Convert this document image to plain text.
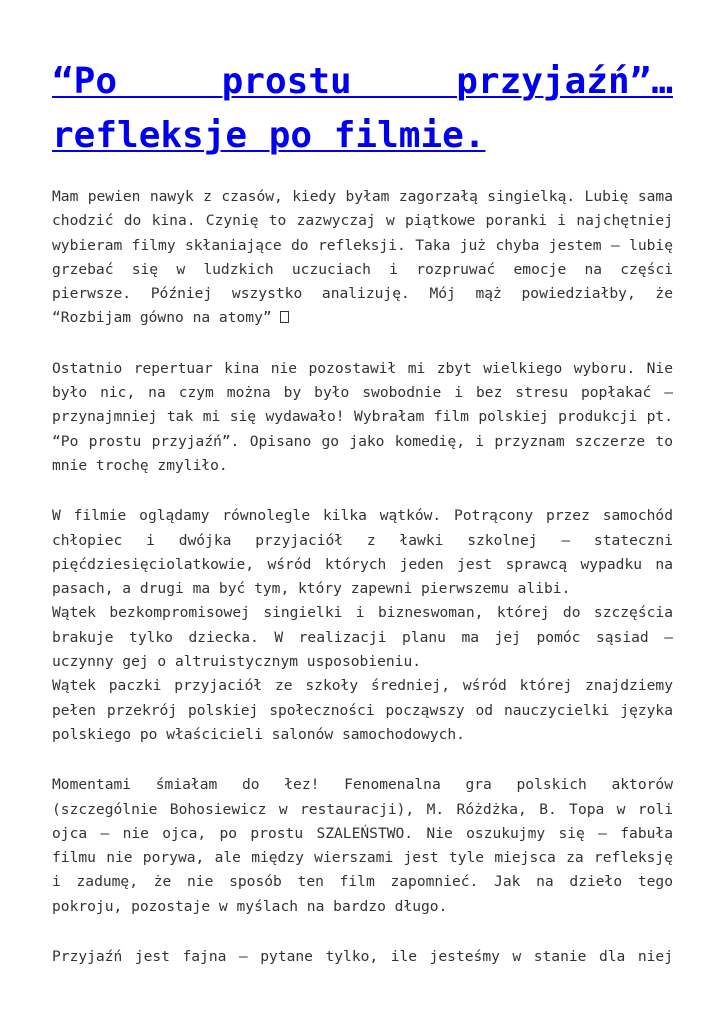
“Po prostu przyjaźń”…refleksje po filmie.

Mam pewien nawyk z czasów, kiedy byłam zagorzałą singielką. Lubię sama chodzić do kina. Czynię to zazwyczaj w piątkowe poranki i najchętniej wybieram filmy skłaniające do refleksji. Taka już chyba jestem – lubię grzebać się w ludzkich uczuciach i rozpruwać emocje na części pierwsze. Później wszystko analizuję. Mój mąż powiedziałby, że “Rozbijam gówno na atomy”

Ostatnio repertuar kina nie pozostawił mi zbyt wielkiego wyboru. Nie było nic, na czym można by było swobodnie i bez stresu popłakać – przynajmniej tak mi się wydawało! Wybrałam film polskiej produkcji pt. “Po prostu przyjaźń”. Opisano go jako komedię, i przyznam szczerze to mnie trochę zmyliło.

W filmie oglądamy równolegle kilka wątków. Potrącony przez samochód chłopiec i dwójka przyjaciół z ławki szkolnej – stateczni pięćdziesięciolatkowie, wśród których jeden jest sprawcą wypadku na pasach, a drugi ma być tym, który zapewni pierwszemu alibi.

Wątek bezkompromisowej singielki i bizneswoman, której do szczęścia brakuje tylko dziecka. W realizacji planu ma jej pomóc sąsiad – uczynny gej o altruistycznym usposobieniu.

Wątek paczki przyjaciół ze szkoły średniej, wśród której znajdziemy pełen przekrój polskiej społeczności począwszy od nauczycielki języka polskiego po właścicieli salonów samochodowych.

Momentami śmiałam do łez! Fenomenalna gra polskich aktorów (szczególnie Bohosiewicz w restauracji), M. Różdżka, B. Topa w roli ojca – nie ojca, po prostu SZALEŃSTWO. Nie oszukujmy się – fabuła filmu nie porywa, ale między wierszami jest tyle miejsca za refleksję i zadumę, że nie sposób ten film zapomnieć. Jak na dzieło tego pokroju, pozostaje w myślach na bardzo długo.

Przyjaźń jest fajna – pytane tylko, ile jesteśmy w stanie dla niej
